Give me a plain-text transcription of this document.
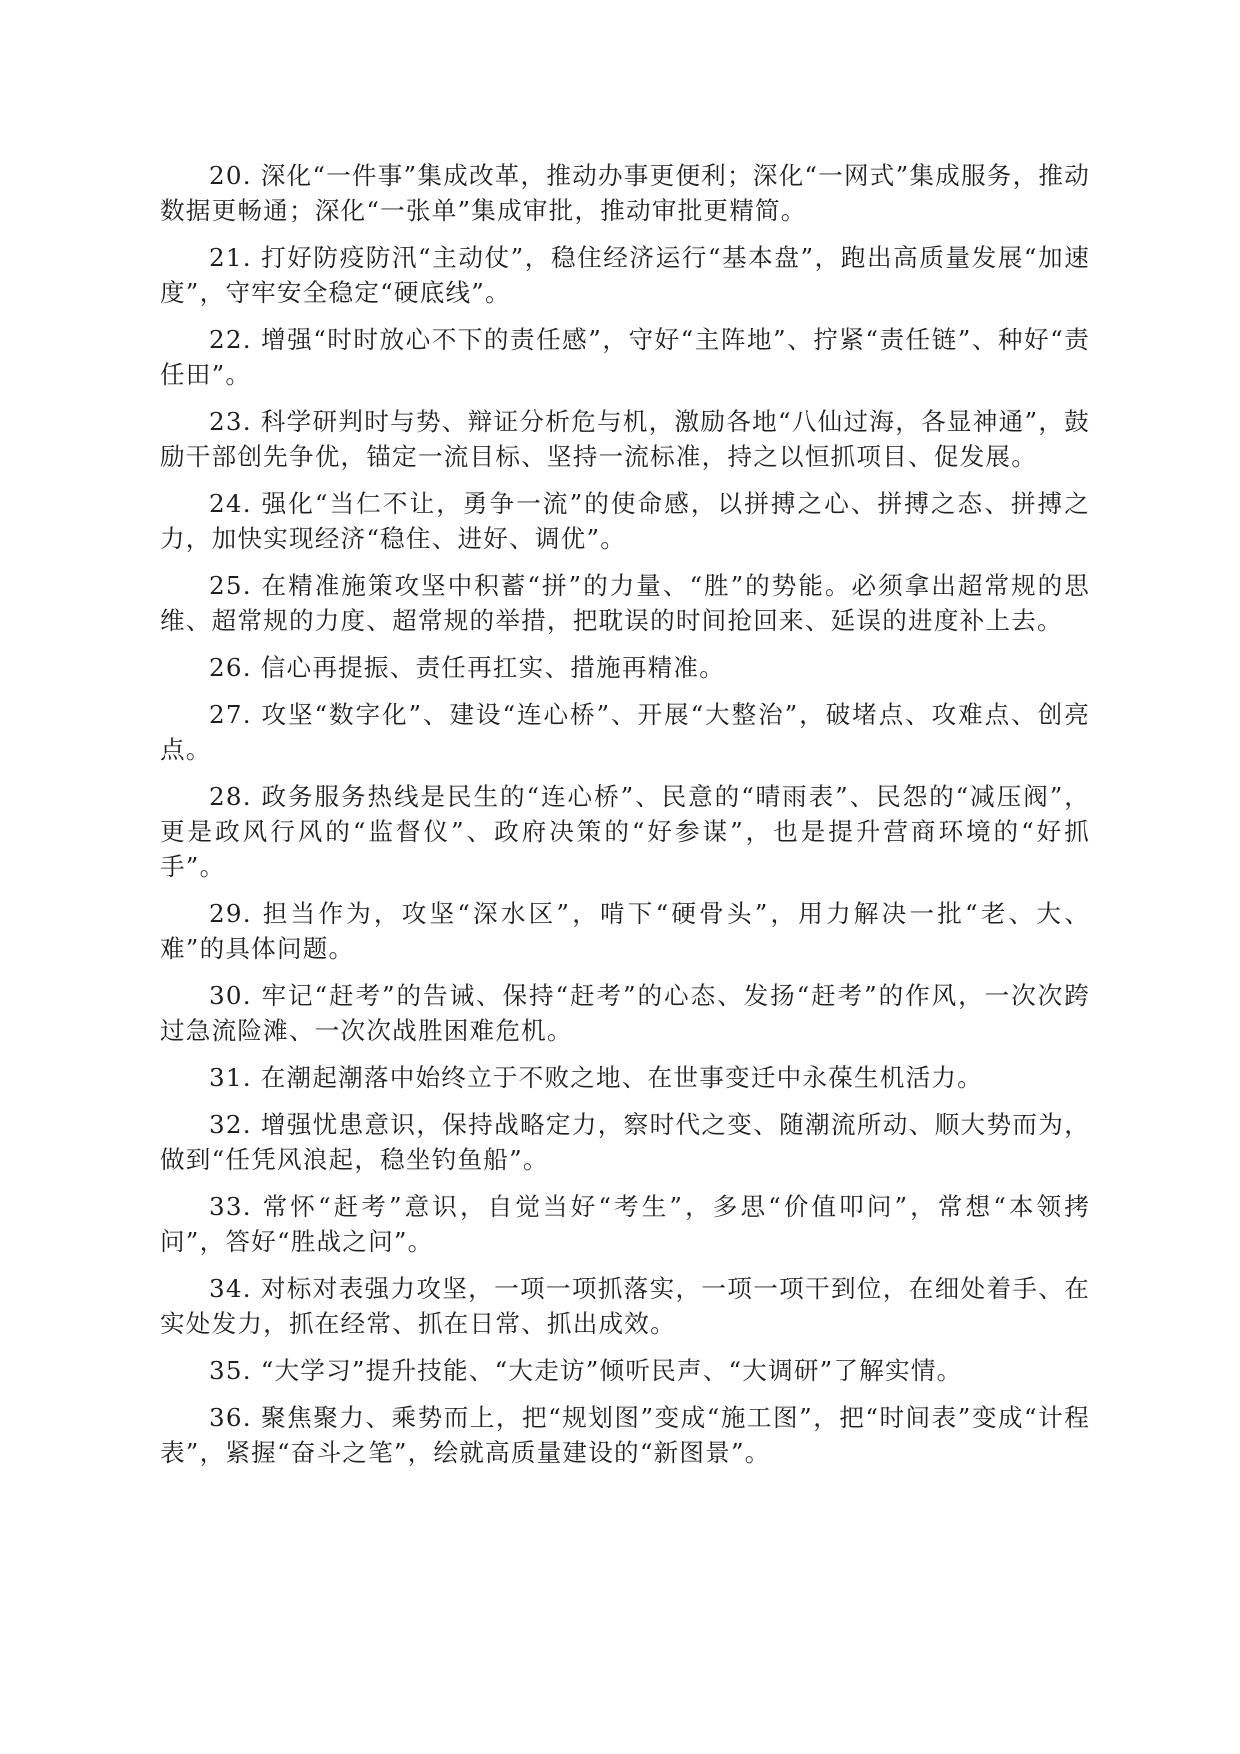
20. 深化“一件事”集成改革，推动办事更便利；深化“一网式”集成服务，推动数据更畅通；深化“一张单”集成审批，推动审批更精简。

21. 打好防疫防汛“主动仗”，稳住经济运行“基本盘”，跑出高质量发展“加速度”，守牢安全稳定“硬底线”。

22. 增强“时时放心不下的责任感”，守好“主阵地”、拧紧“责任链”、种好“责任田”。

23. 科学研判时与势、辩证分析危与机，激励各地“八仙过海，各显神通”，鼓励干部创先争优，锚定一流目标、坚持一流标准，持之以恒抓项目、促发展。

24. 强化“当仁不让，勇争一流”的使命感，以拼搏之心、拼搏之态、拼搏之力，加快实现经济“稳住、进好、调优”。

25. 在精准施策攻坚中积蓄“拼”的力量、“胜”的势能。必须拿出超常规的思维、超常规的力度、超常规的举措，把耽误的时间抢回来、延误的进度补上去。

26. 信心再提振、责任再扛实、措施再精准。

27. 攻坚“数字化”、建设“连心桥”、开展“大整治”，破堵点、攻难点、创亮点。

28. 政务服务热线是民生的“连心桥”、民意的“晴雨表”、民怨的“减压阀”，更是政风行风的“监督仪”、政府决策的“好参谋”，也是提升营商环境的“好抓手”。

29. 担当作为，攻坚“深水区”，啃下“硬骨头”，用力解决一批“老、大、难”的具体问题。

30. 牢记“赶考”的告诫、保持“赶考”的心态、发扬“赶考”的作风，一次次跨过急流险滩、一次次战胜困难危机。

31. 在潮起潮落中始终立于不败之地、在世事变迁中永葆生机活力。

32. 增强忧患意识，保持战略定力，察时代之变、随潮流所动、顺大势而为，做到“任凭风浪起，稳坐钓鱼船”。

33. 常怀“赶考”意识，自觉当好“考生”，多思“价值叩问”，常想“本领拷问”，答好“胜战之问”。

34. 对标对表强力攻坚，一项一项抓落实，一项一项干到位，在细处着手、在实处发力，抓在经常、抓在日常、抓出成效。

35. “大学习”提升技能、“大走访”倾听民声、“大调研”了解实情。

36. 聚焦聚力、乘势而上，把“规划图”变成“施工图”，把“时间表”变成“计程表”，紧握“奋斗之笔”，绘就高质量建设的“新图景”。
